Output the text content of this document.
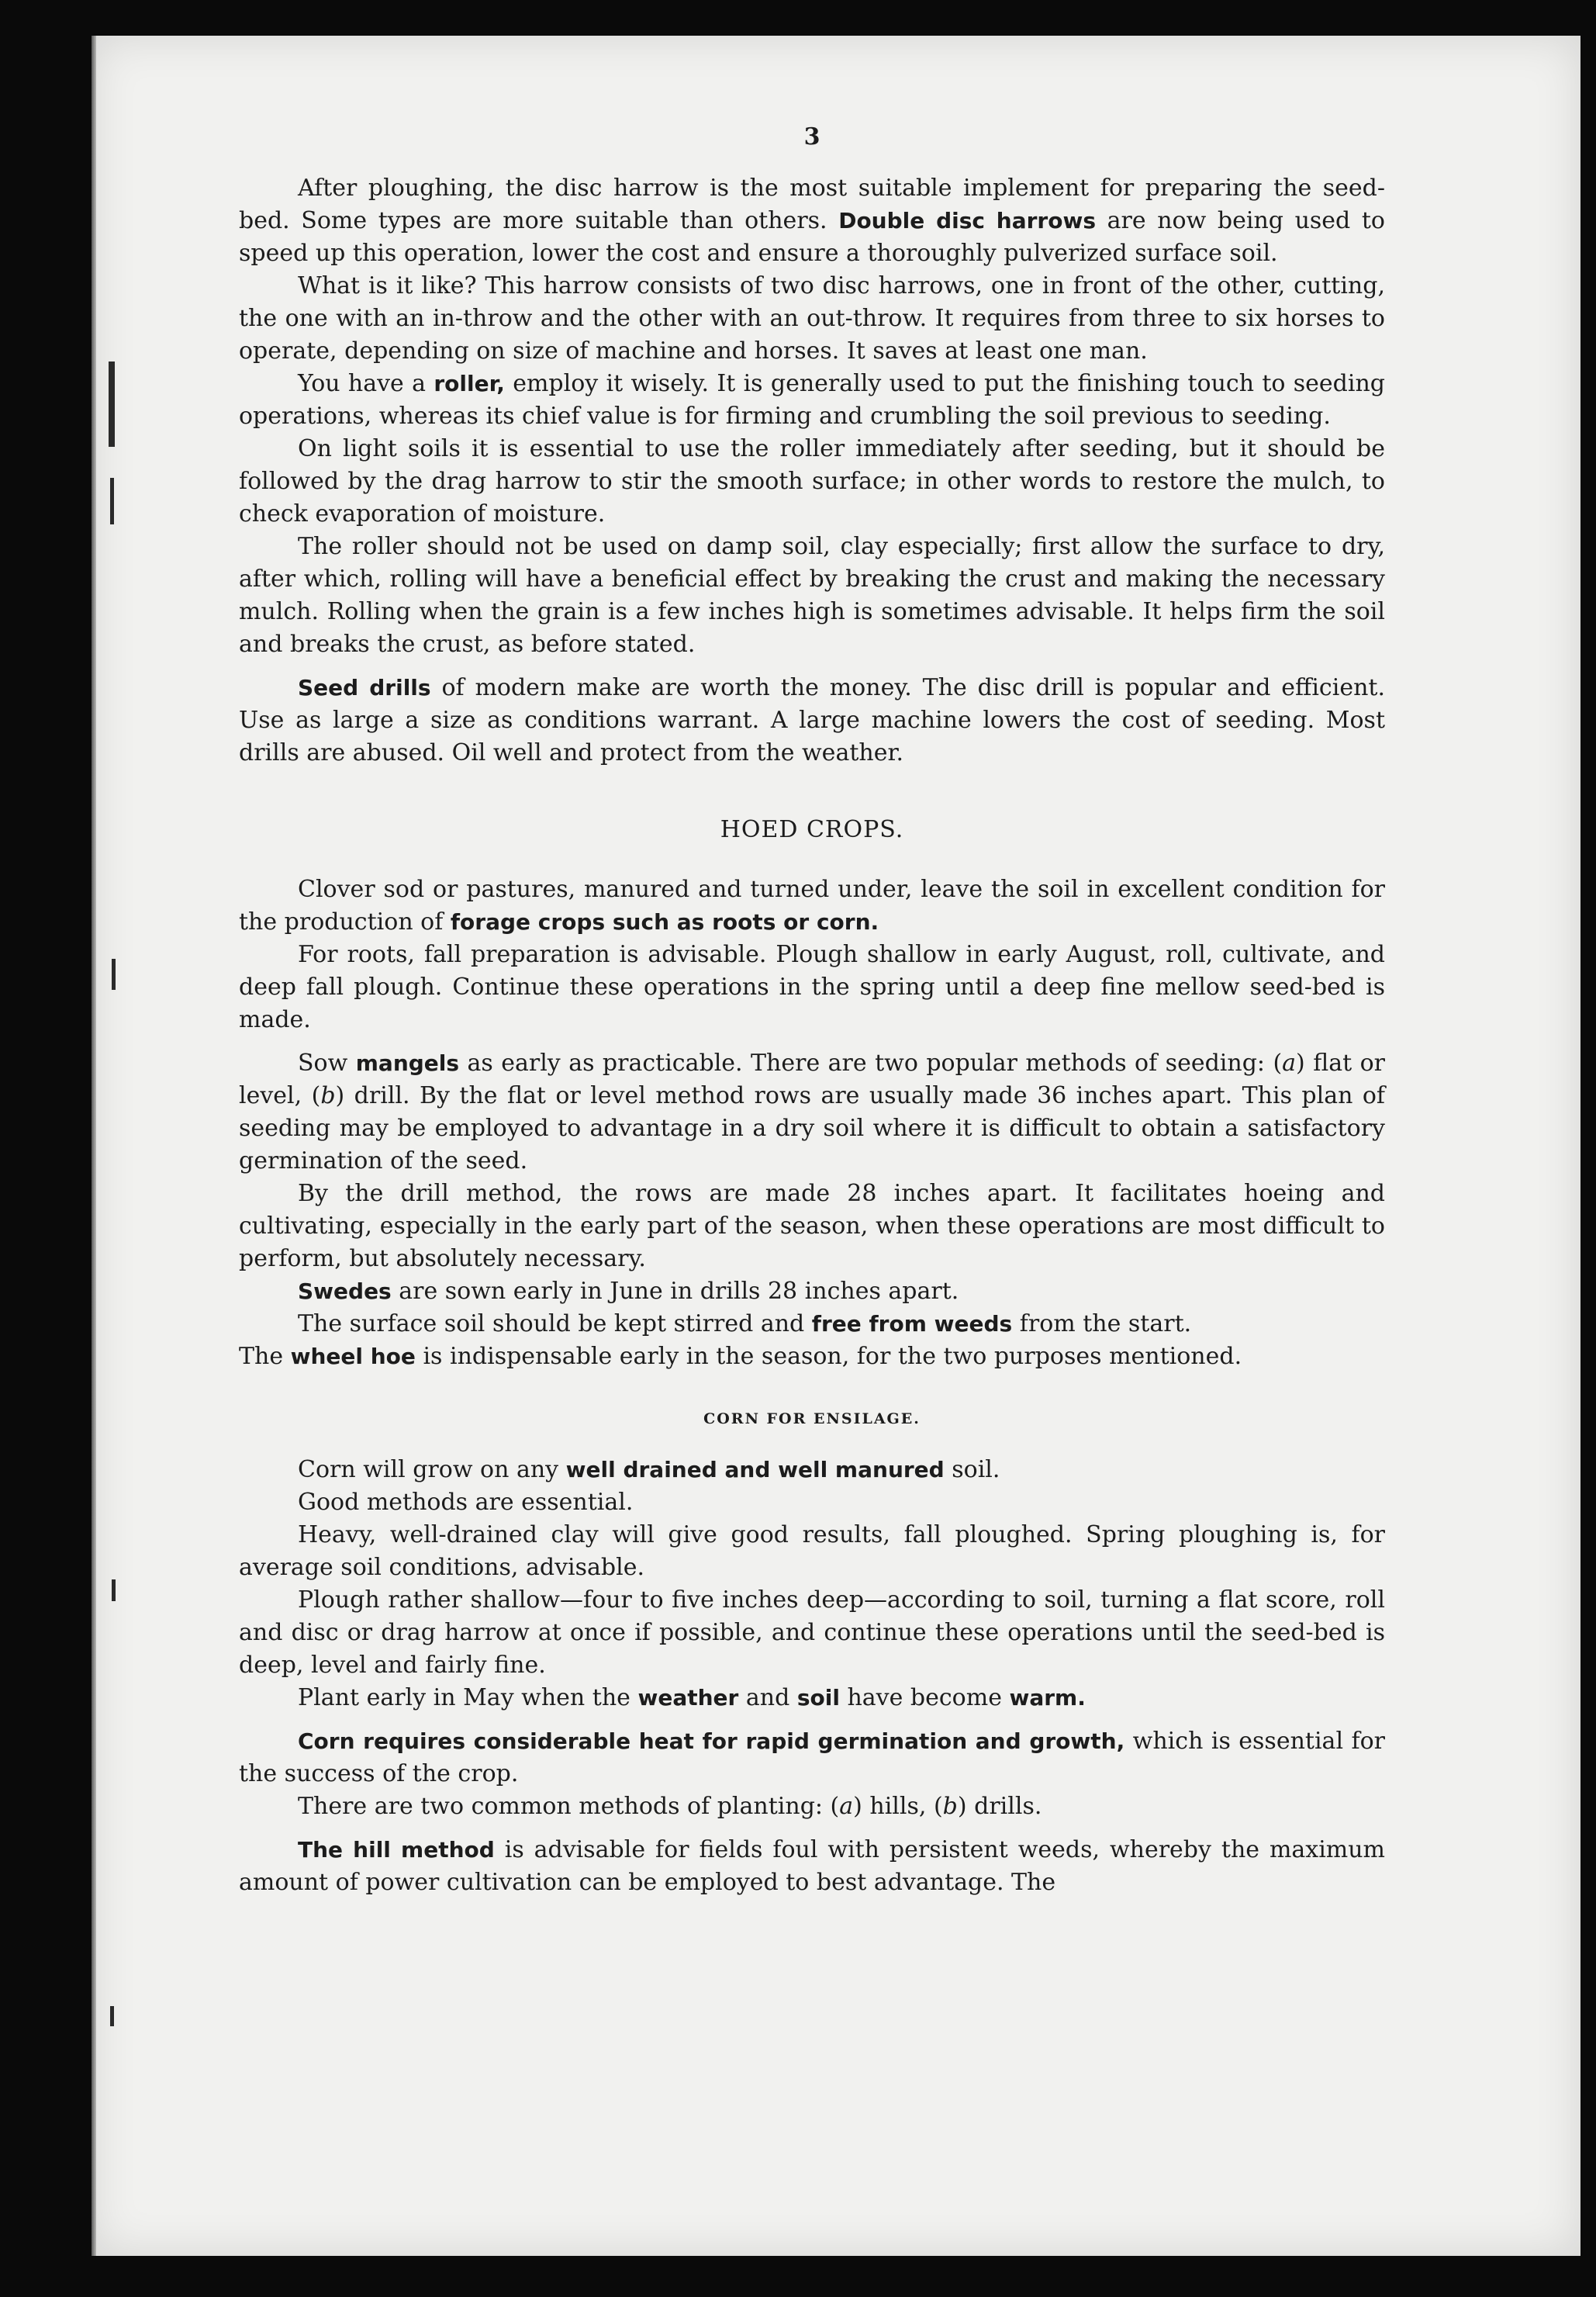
3

After ploughing, the disc harrow is the most suitable implement for preparing the seed-bed. Some types are more suitable than others. Double disc harrows are now being used to speed up this operation, lower the cost and ensure a thoroughly pulverized surface soil.

What is it like? This harrow consists of two disc harrows, one in front of the other, cutting, the one with an in-throw and the other with an out-throw. It requires from three to six horses to operate, depending on size of machine and horses. It saves at least one man.

You have a roller, employ it wisely. It is generally used to put the finishing touch to seeding operations, whereas its chief value is for firming and crumbling the soil previous to seeding.

On light soils it is essential to use the roller immediately after seeding, but it should be followed by the drag harrow to stir the smooth surface; in other words to restore the mulch, to check evaporation of moisture.

The roller should not be used on damp soil, clay especially; first allow the surface to dry, after which, rolling will have a beneficial effect by breaking the crust and making the necessary mulch. Rolling when the grain is a few inches high is sometimes advisable. It helps firm the soil and breaks the crust, as before stated.

Seed drills of modern make are worth the money. The disc drill is popular and efficient. Use as large a size as conditions warrant. A large machine lowers the cost of seeding. Most drills are abused. Oil well and protect from the weather.

HOED CROPS.

Clover sod or pastures, manured and turned under, leave the soil in excellent condition for the production of forage crops such as roots or corn.

For roots, fall preparation is advisable. Plough shallow in early August, roll, cultivate, and deep fall plough. Continue these operations in the spring until a deep fine mellow seed-bed is made.

Sow mangels as early as practicable. There are two popular methods of seeding: (a) flat or level, (b) drill. By the flat or level method rows are usually made 36 inches apart. This plan of seeding may be employed to advantage in a dry soil where it is difficult to obtain a satisfactory germination of the seed.

By the drill method, the rows are made 28 inches apart. It facilitates hoeing and cultivating, especially in the early part of the season, when these operations are most difficult to perform, but absolutely necessary.

Swedes are sown early in June in drills 28 inches apart.

The surface soil should be kept stirred and free from weeds from the start.

The wheel hoe is indispensable early in the season, for the two purposes mentioned.

CORN FOR ENSILAGE.

Corn will grow on any well drained and well manured soil.

Good methods are essential.

Heavy, well-drained clay will give good results, fall ploughed. Spring ploughing is, for average soil conditions, advisable.

Plough rather shallow—four to five inches deep—according to soil, turning a flat score, roll and disc or drag harrow at once if possible, and continue these operations until the seed-bed is deep, level and fairly fine.

Plant early in May when the weather and soil have become warm.

Corn requires considerable heat for rapid germination and growth, which is essential for the success of the crop.

There are two common methods of planting: (a) hills, (b) drills.

The hill method is advisable for fields foul with persistent weeds, whereby the maximum amount of power cultivation can be employed to best advantage. The
